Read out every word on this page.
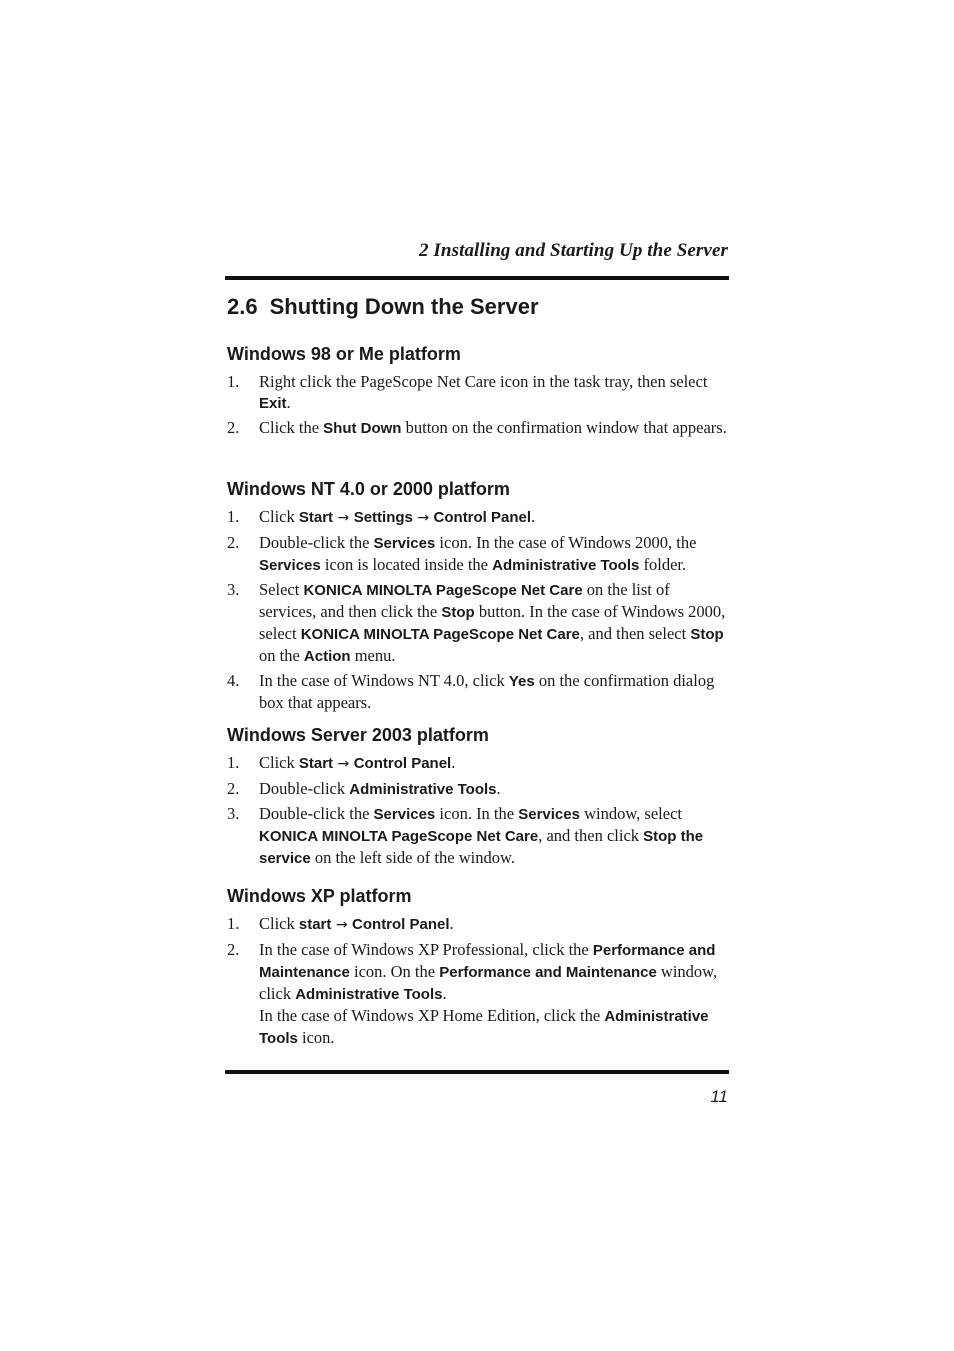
2 Installing and Starting Up the Server
2.6 Shutting Down the Server
Windows 98 or Me platform
1. Right click the PageScope Net Care icon in the task tray, then select Exit.
2. Click the Shut Down button on the confirmation window that appears.
Windows NT 4.0 or 2000 platform
1. Click Start → Settings → Control Panel.
2. Double-click the Services icon. In the case of Windows 2000, the Services icon is located inside the Administrative Tools folder.
3. Select KONICA MINOLTA PageScope Net Care on the list of services, and then click the Stop button. In the case of Windows 2000, select KONICA MINOLTA PageScope Net Care, and then select Stop on the Action menu.
4. In the case of Windows NT 4.0, click Yes on the confirmation dialog box that appears.
Windows Server 2003 platform
1. Click Start → Control Panel.
2. Double-click Administrative Tools.
3. Double-click the Services icon. In the Services window, select KONICA MINOLTA PageScope Net Care, and then click Stop the service on the left side of the window.
Windows XP platform
1. Click start → Control Panel.
2. In the case of Windows XP Professional, click the Performance and Maintenance icon. On the Performance and Maintenance window, click Administrative Tools.
In the case of Windows XP Home Edition, click the Administrative Tools icon.
11
